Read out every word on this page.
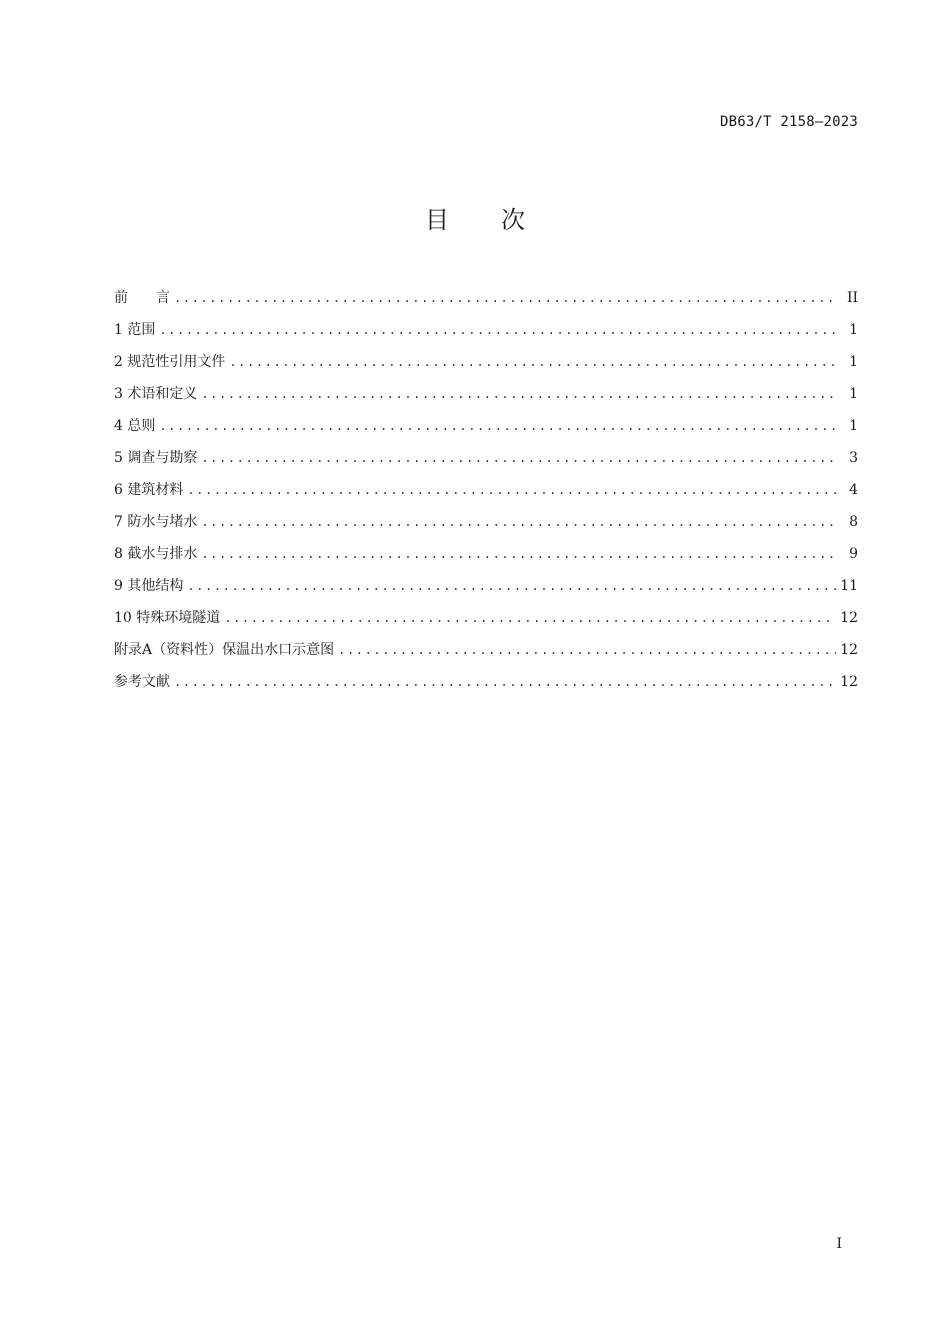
DB63/T 2158—2023
目次
前　　言 .....	II
1 范围 .....	1
2 规范性引用文件 .....	1
3 术语和定义 .....	1
4 总则 .....	1
5 调查与勘察 .....	3
6 建筑材料 .....	4
7 防水与堵水 .....	8
8 截水与排水 .....	9
9 其他结构 .....	11
10 特殊环境隧道 .....	12
附录A（资料性）保温出水口示意图 .....	12
参考文献 .....	12
I
